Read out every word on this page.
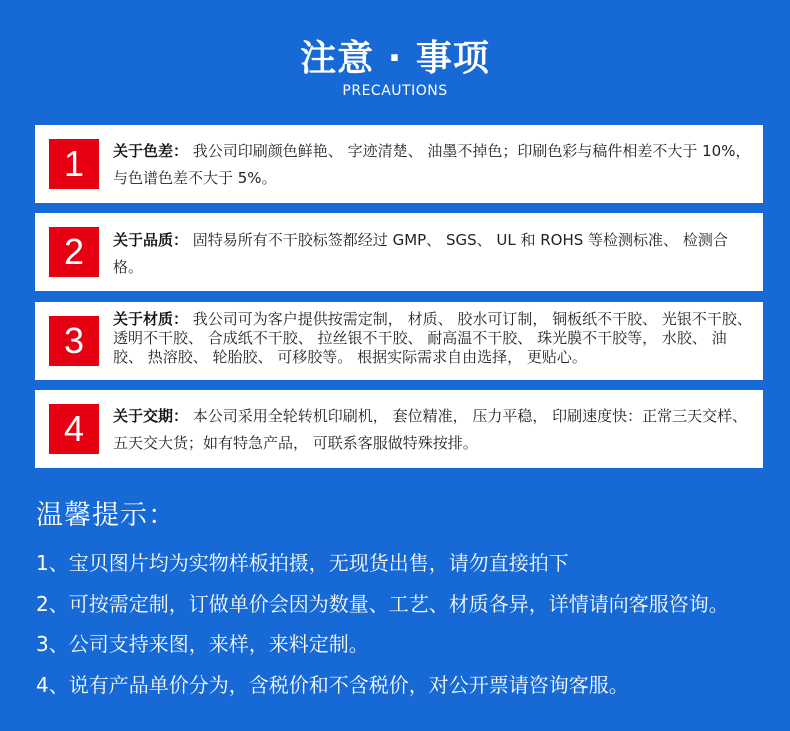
注意 · 事项
PRECAUTIONS
1	关于色差： 我公司印刷颜色鲜艳、 字迹清楚、 油墨不掉色；印刷色彩与稿件相差不大于 10%， 与色谱色差不大于 5%。
2	关于品质： 固特易所有不干胶标签都经过 GMP、 SGS、 UL 和 ROHS 等检测标准、 检测合格。
3
关于材质： 我公司可为客户提供按需定制， 材质、 胶水可订制， 铜板纸不干胶、 光银不干胶、 透明不干胶、 合成纸不干胶、 拉丝银不干胶、 耐高温不干胶、 珠光膜不干胶等， 水胶、 油胶、 热溶胶、 轮胎胶、 可移胶等。 根据实际需求自由选择， 更贴心。
4	关于交期： 本公司采用全轮转机印刷机， 套位精准， 压力平稳， 印刷速度快：正常三天交样、 五天交大货；如有特急产品， 可联系客服做特殊按排。
温馨提示：
1、宝贝图片均为实物样板拍摄，无现货出售，请勿直接拍下
2、可按需定制，订做单价会因为数量、工艺、材质各异，详情请向客服咨询。
3、公司支持来图，来样，来料定制。
4、说有产品单价分为，含税价和不含税价，对公开票请咨询客服。
